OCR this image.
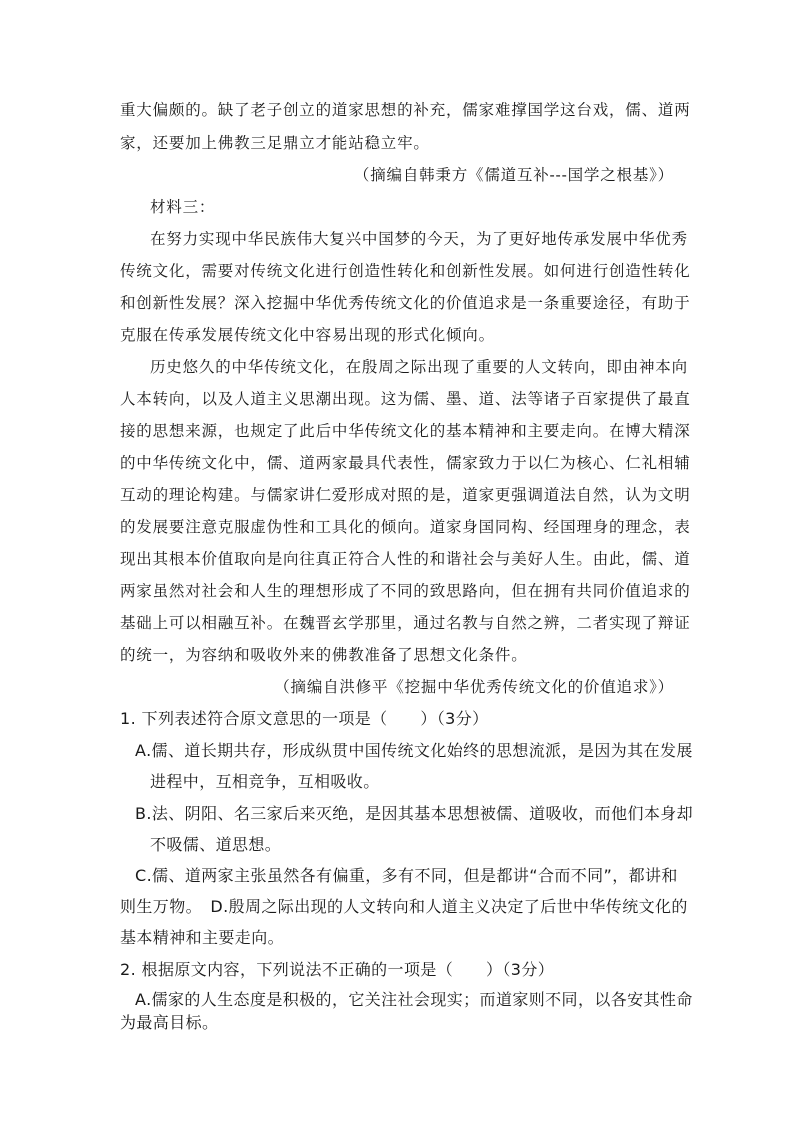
重大偏颇的。缺了老子创立的道家思想的补充，儒家难撑国学这台戏，儒、道两
家，还要加上佛教三足鼎立才能站稳立牢。
（摘编自韩秉方《儒道互补---国学之根基》）
材料三：
在努力实现中华民族伟大复兴中国梦的今天，为了更好地传承发展中华优秀
传统文化，需要对传统文化进行创造性转化和创新性发展。如何进行创造性转化
和创新性发展？深入挖掘中华优秀传统文化的价值追求是一条重要途径，有助于
克服在传承发展传统文化中容易出现的形式化倾向。
历史悠久的中华传统文化，在殷周之际出现了重要的人文转向，即由神本向
人本转向，以及人道主义思潮出现。这为儒、墨、道、法等诸子百家提供了最直
接的思想来源，也规定了此后中华传统文化的基本精神和主要走向。在博大精深
的中华传统文化中，儒、道两家最具代表性，儒家致力于以仁为核心、仁礼相辅
互动的理论构建。与儒家讲仁爱形成对照的是，道家更强调道法自然，认为文明
的发展要注意克服虚伪性和工具化的倾向。道家身国同构、经国理身的理念，表
现出其根本价值取向是向往真正符合人性的和谐社会与美好人生。由此，儒、道
两家虽然对社会和人生的理想形成了不同的致思路向，但在拥有共同价值追求的
基础上可以相融互补。在魏晋玄学那里，通过名教与自然之辨，二者实现了辩证
的统一，为容纳和吸收外来的佛教准备了思想文化条件。
（摘编自洪修平《挖掘中华优秀传统文化的价值追求》）
1. 下列表述符合原文意思的一项是（　　）（3分）
A.儒、道长期共存，形成纵贯中国传统文化始终的思想流派，是因为其在发展
进程中，互相竞争，互相吸收。
B.法、阴阳、名三家后来灭绝，是因其基本思想被儒、道吸收，而他们本身却
不吸儒、道思想。
C.儒、道两家主张虽然各有偏重，多有不同，但是都讲“合而不同”，都讲和
则生万物。　D.殷周之际出现的人文转向和人道主义决定了后世中华传统文化的
基本精神和主要走向。
2. 根据原文内容，下列说法不正确的一项是（　　）（3分）
A.儒家的人生态度是积极的，它关注社会现实；而道家则不同，以各安其性命
为最高目标。
